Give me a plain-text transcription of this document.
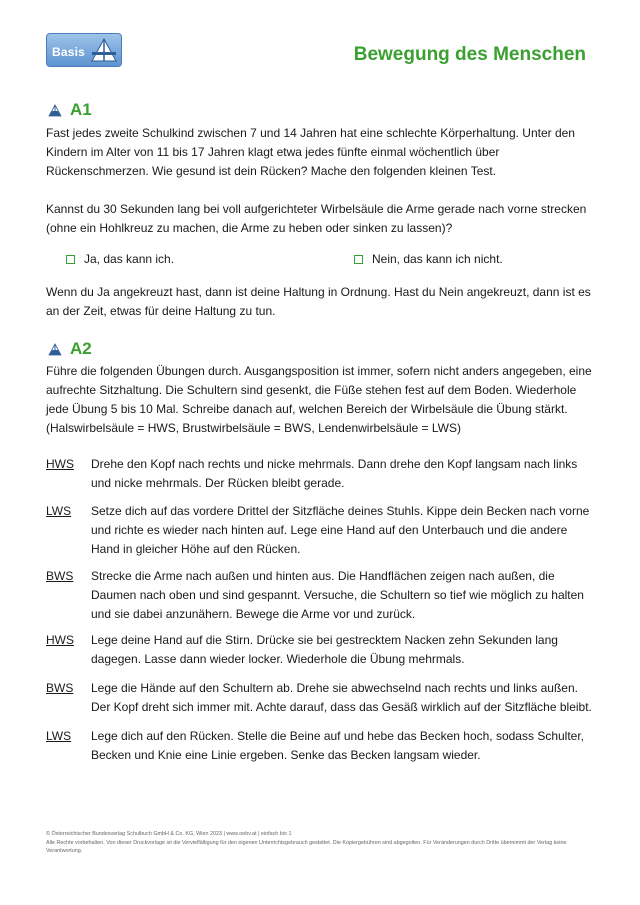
Basis	Bewegung des Menschen
A1

Fast jedes zweite Schulkind zwischen 7 und 14 Jahren hat eine schlechte Körperhaltung. Unter den Kindern im Alter von 11 bis 17 Jahren klagt etwa jedes fünfte einmal wöchentlich über Rückenschmerzen. Wie gesund ist dein Rücken? Mache den folgenden kleinen Test.

Kannst du 30 Sekunden lang bei voll aufgerichteter Wirbelsäule die Arme gerade nach vorne strecken (ohne ein Hohlkreuz zu machen, die Arme zu heben oder sinken zu lassen)?

Ja, das kann ich.	Nein, das kann ich nicht.

Wenn du Ja angekreuzt hast, dann ist deine Haltung in Ordnung. Hast du Nein angekreuzt, dann ist es an der Zeit, etwas für deine Haltung zu tun.

A2

Führe die folgenden Übungen durch. Ausgangsposition ist immer, sofern nicht anders angegeben, eine aufrechte Sitzhaltung. Die Schultern sind gesenkt, die Füße stehen fest auf dem Boden. Wiederhole jede Übung 5 bis 10 Mal. Schreibe danach auf, welchen Bereich der Wirbelsäule die Übung stärkt. (Halswirbelsäule = HWS, Brustwirbelsäule = BWS, Lendenwirbelsäule = LWS)

HWS	Drehe den Kopf nach rechts und nicke mehrmals. Dann drehe den Kopf langsam nach links und nicke mehrmals. Der Rücken bleibt gerade.
LWS	Setze dich auf das vordere Drittel der Sitzfläche deines Stuhls. Kippe dein Becken nach vorne und richte es wieder nach hinten auf. Lege eine Hand auf den Unterbauch und die andere Hand in gleicher Höhe auf den Rücken.
BWS	Strecke die Arme nach außen und hinten aus. Die Handflächen zeigen nach außen, die Daumen nach oben und sind gespannt. Versuche, die Schultern so tief wie möglich zu halten und sie dabei anzunähern. Bewege die Arme vor und zurück.
HWS	Lege deine Hand auf die Stirn. Drücke sie bei gestrecktem Nacken zehn Sekunden lang dagegen. Lasse dann wieder locker. Wiederhole die Übung mehrmals.
BWS	Lege die Hände auf den Schultern ab. Drehe sie abwechselnd nach rechts und links außen. Der Kopf dreht sich immer mit. Achte darauf, dass das Gesäß wirklich auf der Sitzfläche bleibt.
LWS	Lege dich auf den Rücken. Stelle die Beine auf und hebe das Becken hoch, sodass Schulter, Becken und Knie eine Linie ergeben. Senke das Becken langsam wieder.
© Österreichischer Bundesverlag Schulbuch GmbH & Co. KG, Wien 2023 | www.oebv.at | einfach bio 1
Alle Rechte vorbehalten. Von dieser Druckvorlage ist die Vervielfältigung für den eigenen Unterrichtsgebrauch gestattet. Die Kopiergebühren sind abgegolten. Für Veränderungen durch Dritte übernimmt der Verlag keine Verantwortung.
